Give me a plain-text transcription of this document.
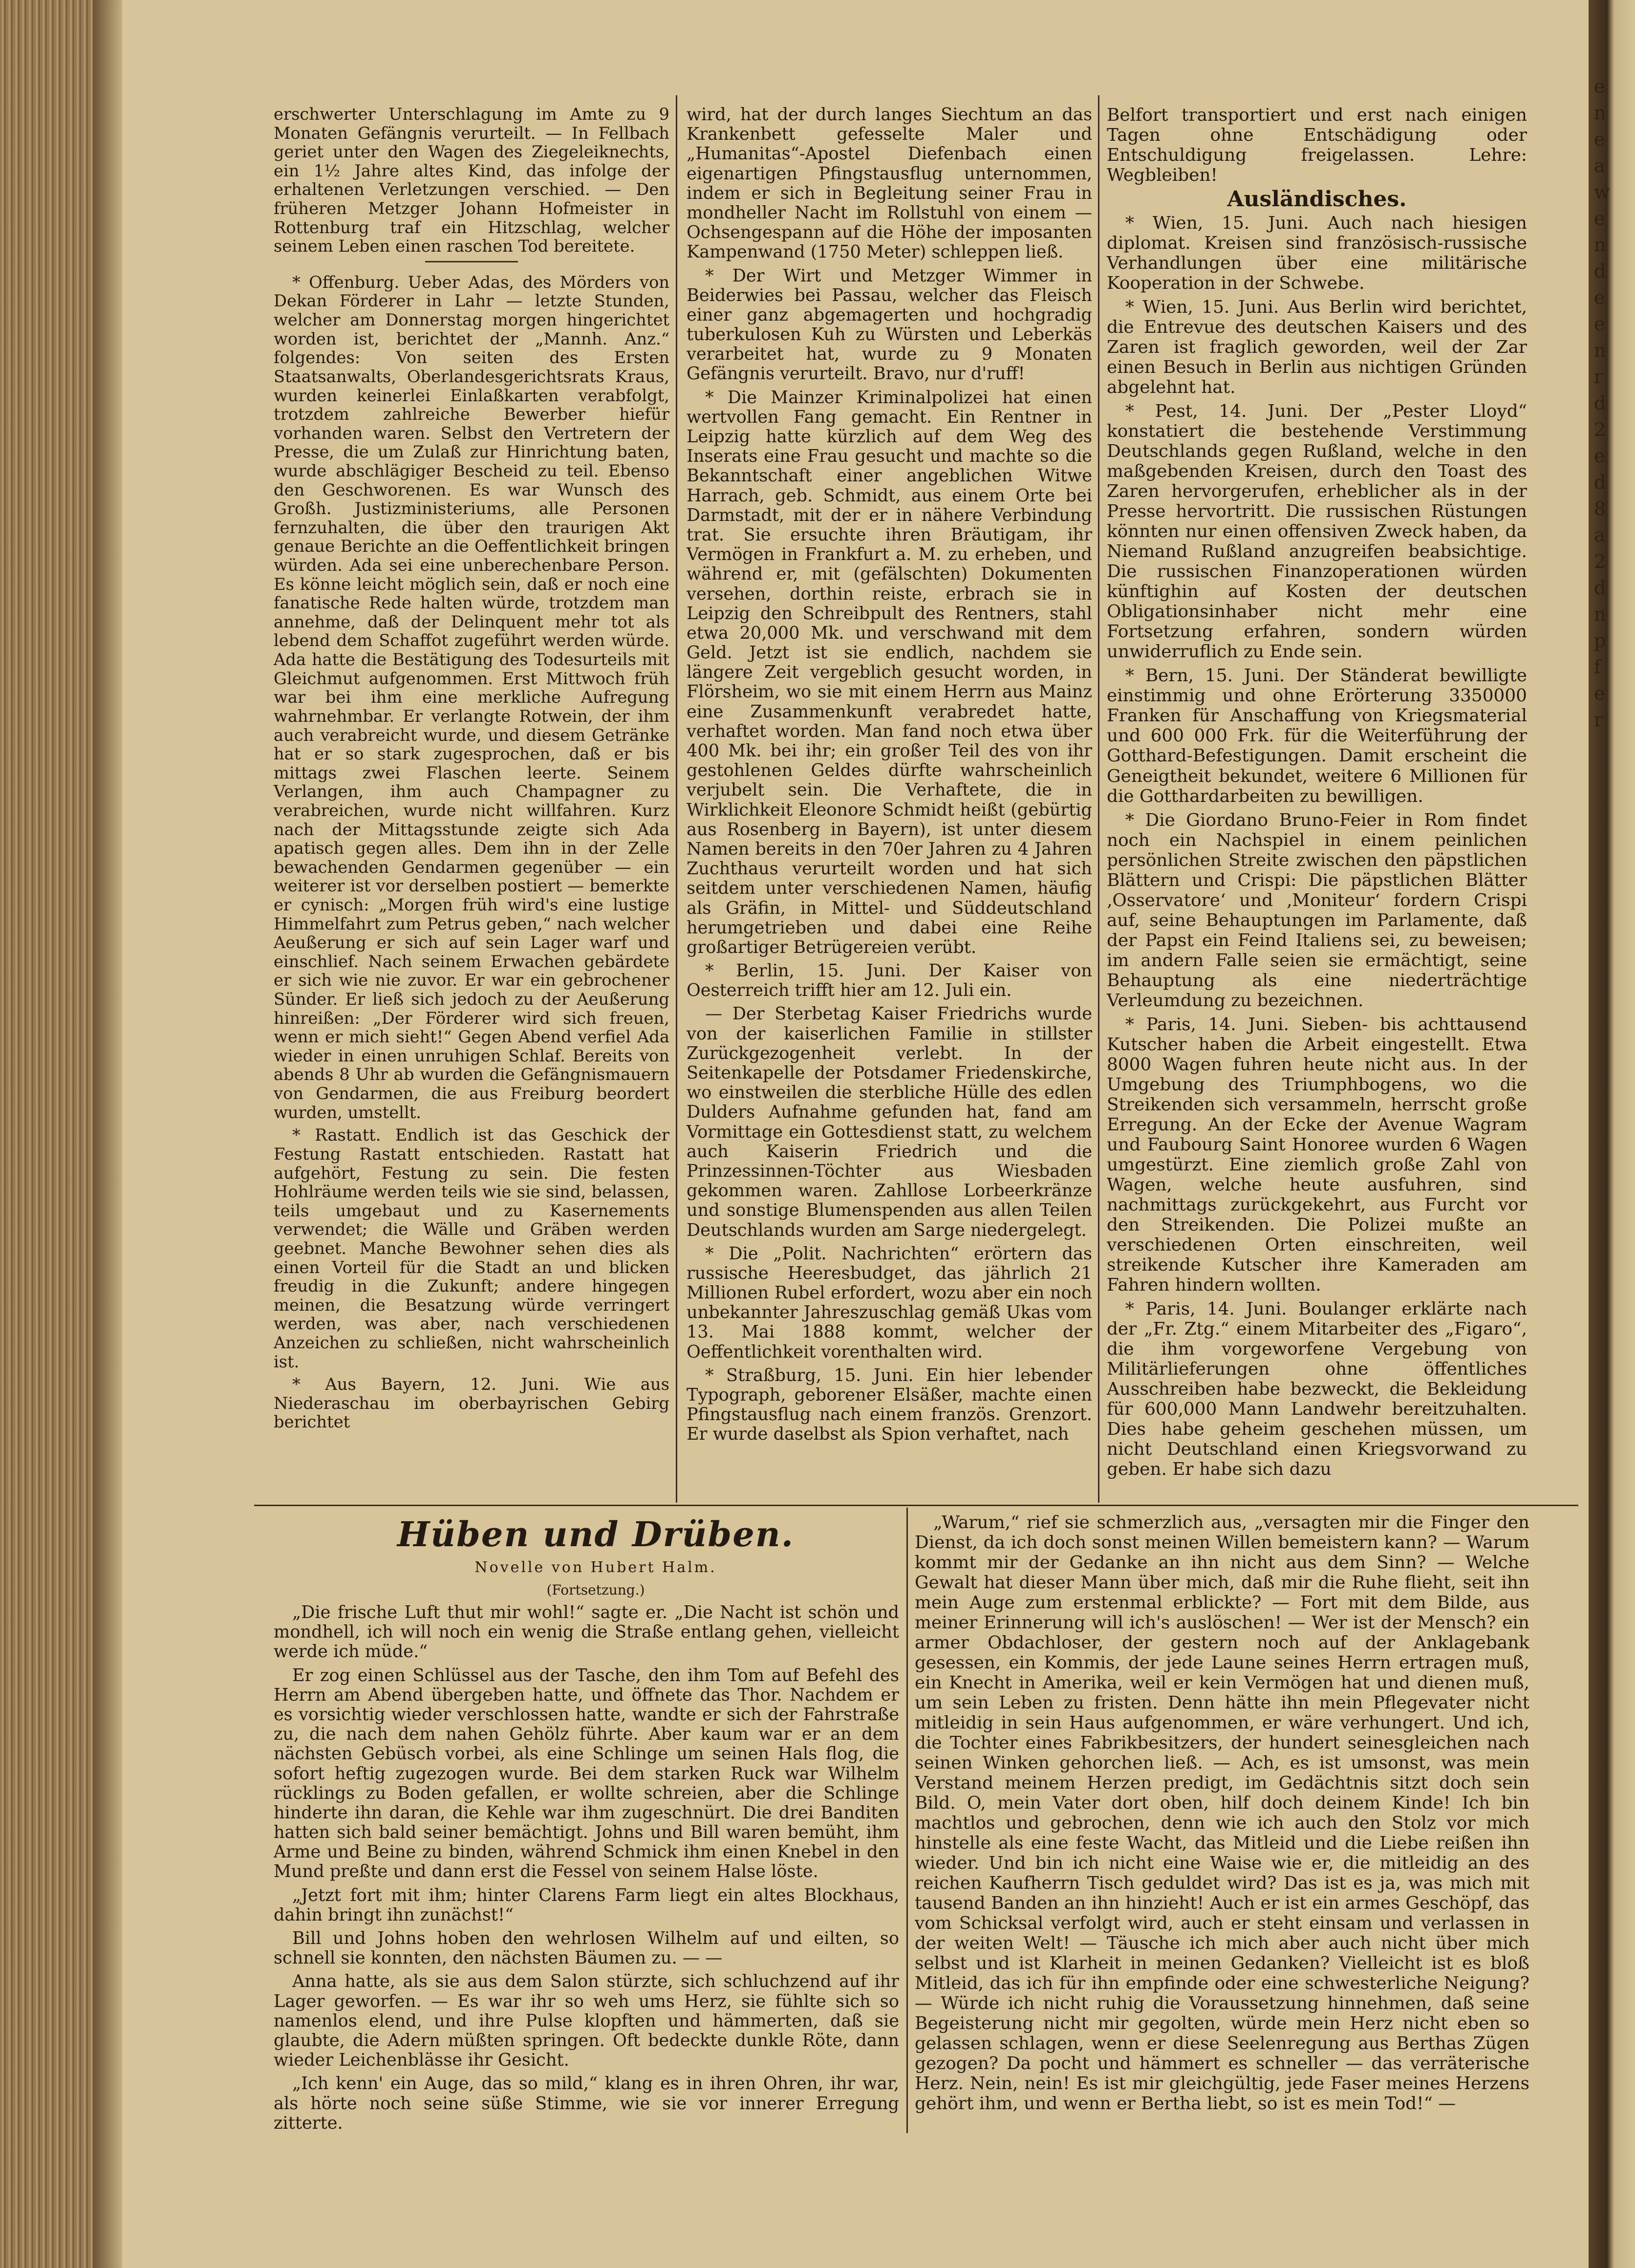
erschwerter Unterschlagung im Amte zu 9 Monaten Gefängnis verurteilt. — In Fellbach geriet unter den Wagen des Ziegeleiknechts, ein 1½ Jahre altes Kind, das infolge der erhaltenen Verletzungen verschied. — Den früheren Metzger Johann Hofmeister in Rottenburg traf ein Hitzschlag, welcher seinem Leben einen raschen Tod bereitete.

* Offenburg. Ueber Adas, des Mörders von Dekan Förderer in Lahr — letzte Stunden, welcher am Donnerstag morgen hingerichtet worden ist, berichtet der „Mannh. Anz.“ folgendes: Von seiten des Ersten Staatsanwalts, Oberlandesgerichtsrats Kraus, wurden keinerlei Einlaßkarten verabfolgt, trotzdem zahlreiche Bewerber hiefür vorhanden waren. Selbst den Vertretern der Presse, die um Zulaß zur Hinrichtung baten, wurde abschlägiger Bescheid zu teil. Ebenso den Geschworenen. Es war Wunsch des Großh. Justizministeriums, alle Personen fernzuhalten, die über den traurigen Akt genaue Berichte an die Oeffentlichkeit bringen würden. Ada sei eine unberechenbare Person. Es könne leicht möglich sein, daß er noch eine fanatische Rede halten würde, trotzdem man annehme, daß der Delinquent mehr tot als lebend dem Schaffot zugeführt werden würde. Ada hatte die Bestätigung des Todesurteils mit Gleichmut aufgenommen. Erst Mittwoch früh war bei ihm eine merkliche Aufregung wahrnehmbar. Er verlangte Rotwein, der ihm auch verabreicht wurde, und diesem Getränke hat er so stark zugesprochen, daß er bis mittags zwei Flaschen leerte. Seinem Verlangen, ihm auch Champagner zu verabreichen, wurde nicht willfahren. Kurz nach der Mittagsstunde zeigte sich Ada apatisch gegen alles. Dem ihn in der Zelle bewachenden Gendarmen gegenüber — ein weiterer ist vor derselben postiert — bemerkte er cynisch: „Morgen früh wird's eine lustige Himmelfahrt zum Petrus geben,“ nach welcher Aeußerung er sich auf sein Lager warf und einschlief. Nach seinem Erwachen gebärdete er sich wie nie zuvor. Er war ein gebrochener Sünder. Er ließ sich jedoch zu der Aeußerung hinreißen: „Der Förderer wird sich freuen, wenn er mich sieht!“ Gegen Abend verfiel Ada wieder in einen unruhigen Schlaf. Bereits von abends 8 Uhr ab wurden die Gefängnismauern von Gendarmen, die aus Freiburg beordert wurden, umstellt.

* Rastatt. Endlich ist das Geschick der Festung Rastatt entschieden. Rastatt hat aufgehört, Festung zu sein. Die festen Hohlräume werden teils wie sie sind, belassen, teils umgebaut und zu Kasernements verwendet; die Wälle und Gräben werden geebnet. Manche Bewohner sehen dies als einen Vorteil für die Stadt an und blicken freudig in die Zukunft; andere hingegen meinen, die Besatzung würde verringert werden, was aber, nach verschiedenen Anzeichen zu schließen, nicht wahrscheinlich ist.

* Aus Bayern, 12. Juni. Wie aus Niederaschau im oberbayrischen Gebirg berichtet

wird, hat der durch langes Siechtum an das Krankenbett gefesselte Maler und „Humanitas“-Apostel Diefenbach einen eigenartigen Pfingstausflug unternommen, indem er sich in Begleitung seiner Frau in mondheller Nacht im Rollstuhl von einem — Ochsengespann auf die Höhe der imposanten Kampenwand (1750 Meter) schleppen ließ.

* Der Wirt und Metzger Wimmer in Beiderwies bei Passau, welcher das Fleisch einer ganz abgemagerten und hochgradig tuberkulosen Kuh zu Würsten und Leberkäs verarbeitet hat, wurde zu 9 Monaten Gefängnis verurteilt. Bravo, nur d'ruff!

* Die Mainzer Kriminalpolizei hat einen wertvollen Fang gemacht. Ein Rentner in Leipzig hatte kürzlich auf dem Weg des Inserats eine Frau gesucht und machte so die Bekanntschaft einer angeblichen Witwe Harrach, geb. Schmidt, aus einem Orte bei Darmstadt, mit der er in nähere Verbindung trat. Sie ersuchte ihren Bräutigam, ihr Vermögen in Frankfurt a. M. zu erheben, und während er, mit (gefälschten) Dokumenten versehen, dorthin reiste, erbrach sie in Leipzig den Schreibpult des Rentners, stahl etwa 20,000 Mk. und verschwand mit dem Geld. Jetzt ist sie endlich, nachdem sie längere Zeit vergeblich gesucht worden, in Flörsheim, wo sie mit einem Herrn aus Mainz eine Zusammenkunft verabredet hatte, verhaftet worden. Man fand noch etwa über 400 Mk. bei ihr; ein großer Teil des von ihr gestohlenen Geldes dürfte wahrscheinlich verjubelt sein. Die Verhaftete, die in Wirklichkeit Eleonore Schmidt heißt (gebürtig aus Rosenberg in Bayern), ist unter diesem Namen bereits in den 70er Jahren zu 4 Jahren Zuchthaus verurteilt worden und hat sich seitdem unter verschiedenen Namen, häufig als Gräfin, in Mittel- und Süddeutschland herumgetrieben und dabei eine Reihe großartiger Betrügereien verübt.

* Berlin, 15. Juni. Der Kaiser von Oesterreich trifft hier am 12. Juli ein.

— Der Sterbetag Kaiser Friedrichs wurde von der kaiserlichen Familie in stillster Zurückgezogenheit verlebt. In der Seitenkapelle der Potsdamer Friedenskirche, wo einstweilen die sterbliche Hülle des edlen Dulders Aufnahme gefunden hat, fand am Vormittage ein Gottesdienst statt, zu welchem auch Kaiserin Friedrich und die Prinzessinnen-Töchter aus Wiesbaden gekommen waren. Zahllose Lorbeerkränze und sonstige Blumenspenden aus allen Teilen Deutschlands wurden am Sarge niedergelegt.

* Die „Polit. Nachrichten“ erörtern das russische Heeresbudget, das jährlich 21 Millionen Rubel erfordert, wozu aber ein noch unbekannter Jahreszuschlag gemäß Ukas vom 13. Mai 1888 kommt, welcher der Oeffentlichkeit vorenthalten wird.

* Straßburg, 15. Juni. Ein hier lebender Typograph, geborener Elsäßer, machte einen Pfingstausflug nach einem französ. Grenzort. Er wurde daselbst als Spion verhaftet, nach

Belfort transportiert und erst nach einigen Tagen ohne Entschädigung oder Entschuldigung freigelassen. Lehre: Wegbleiben!

Ausländisches.

* Wien, 15. Juni. Auch nach hiesigen diplomat. Kreisen sind französisch-russische Verhandlungen über eine militärische Kooperation in der Schwebe.

* Wien, 15. Juni. Aus Berlin wird berichtet, die Entrevue des deutschen Kaisers und des Zaren ist fraglich geworden, weil der Zar einen Besuch in Berlin aus nichtigen Gründen abgelehnt hat.

* Pest, 14. Juni. Der „Pester Lloyd“ konstatiert die bestehende Verstimmung Deutschlands gegen Rußland, welche in den maßgebenden Kreisen, durch den Toast des Zaren hervorgerufen, erheblicher als in der Presse hervortritt. Die russischen Rüstungen könnten nur einen offensiven Zweck haben, da Niemand Rußland anzugreifen beabsichtige. Die russischen Finanzoperationen würden künftighin auf Kosten der deutschen Obligationsinhaber nicht mehr eine Fortsetzung erfahren, sondern würden unwiderruflich zu Ende sein.

* Bern, 15. Juni. Der Ständerat bewilligte einstimmig und ohne Erörterung 3350000 Franken für Anschaffung von Kriegsmaterial und 600 000 Frk. für die Weiterführung der Gotthard-Befestigungen. Damit erscheint die Geneigtheit bekundet, weitere 6 Millionen für die Gotthardarbeiten zu bewilligen.

* Die Giordano Bruno-Feier in Rom findet noch ein Nachspiel in einem peinlichen persönlichen Streite zwischen den päpstlichen Blättern und Crispi: Die päpstlichen Blätter ‚Osservatore‘ und ‚Moniteur‘ fordern Crispi auf, seine Behauptungen im Parlamente, daß der Papst ein Feind Italiens sei, zu beweisen; im andern Falle seien sie ermächtigt, seine Behauptung als eine niederträchtige Verleumdung zu bezeichnen.

* Paris, 14. Juni. Sieben- bis achttausend Kutscher haben die Arbeit eingestellt. Etwa 8000 Wagen fuhren heute nicht aus. In der Umgebung des Triumphbogens, wo die Streikenden sich versammeln, herrscht große Erregung. An der Ecke der Avenue Wagram und Faubourg Saint Honoree wurden 6 Wagen umgestürzt. Eine ziemlich große Zahl von Wagen, welche heute ausfuhren, sind nachmittags zurückgekehrt, aus Furcht vor den Streikenden. Die Polizei mußte an verschiedenen Orten einschreiten, weil streikende Kutscher ihre Kameraden am Fahren hindern wollten.

* Paris, 14. Juni. Boulanger erklärte nach der „Fr. Ztg.“ einem Mitarbeiter des „Figaro“, die ihm vorgeworfene Vergebung von Militärlieferungen ohne öffentliches Ausschreiben habe bezweckt, die Bekleidung für 600,000 Mann Landwehr bereitzuhalten. Dies habe geheim geschehen müssen, um nicht Deutschland einen Kriegsvorwand zu geben. Er habe sich dazu

Hüben und Drüben.

Novelle von Hubert Halm.

(Fortsetzung.)

„Die frische Luft thut mir wohl!“ sagte er. „Die Nacht ist schön und mondhell, ich will noch ein wenig die Straße entlang gehen, vielleicht werde ich müde.“

Er zog einen Schlüssel aus der Tasche, den ihm Tom auf Befehl des Herrn am Abend übergeben hatte, und öffnete das Thor. Nachdem er es vorsichtig wieder verschlossen hatte, wandte er sich der Fahrstraße zu, die nach dem nahen Gehölz führte. Aber kaum war er an dem nächsten Gebüsch vorbei, als eine Schlinge um seinen Hals flog, die sofort heftig zugezogen wurde. Bei dem starken Ruck war Wilhelm rücklings zu Boden gefallen, er wollte schreien, aber die Schlinge hinderte ihn daran, die Kehle war ihm zugeschnürt. Die drei Banditen hatten sich bald seiner bemächtigt. Johns und Bill waren bemüht, ihm Arme und Beine zu binden, während Schmick ihm einen Knebel in den Mund preßte und dann erst die Fessel von seinem Halse löste.

„Jetzt fort mit ihm; hinter Clarens Farm liegt ein altes Blockhaus, dahin bringt ihn zunächst!“

Bill und Johns hoben den wehrlosen Wilhelm auf und eilten, so schnell sie konnten, den nächsten Bäumen zu. — —

Anna hatte, als sie aus dem Salon stürzte, sich schluchzend auf ihr Lager geworfen. — Es war ihr so weh ums Herz, sie fühlte sich so namenlos elend, und ihre Pulse klopften und hämmerten, daß sie glaubte, die Adern müßten springen. Oft bedeckte dunkle Röte, dann wieder Leichenblässe ihr Gesicht.

„Ich kenn' ein Auge, das so mild,“ klang es in ihren Ohren, ihr war, als hörte noch seine süße Stimme, wie sie vor innerer Erregung zitterte.

„Warum,“ rief sie schmerzlich aus, „versagten mir die Finger den Dienst, da ich doch sonst meinen Willen bemeistern kann? — Warum kommt mir der Gedanke an ihn nicht aus dem Sinn? — Welche Gewalt hat dieser Mann über mich, daß mir die Ruhe flieht, seit ihn mein Auge zum erstenmal erblickte? — Fort mit dem Bilde, aus meiner Erinnerung will ich's auslöschen! — Wer ist der Mensch? ein armer Obdachloser, der gestern noch auf der Anklagebank gesessen, ein Kommis, der jede Laune seines Herrn ertragen muß, ein Knecht in Amerika, weil er kein Vermögen hat und dienen muß, um sein Leben zu fristen. Denn hätte ihn mein Pflegevater nicht mitleidig in sein Haus aufgenommen, er wäre verhungert. Und ich, die Tochter eines Fabrikbesitzers, der hundert seinesgleichen nach seinen Winken gehorchen ließ. — Ach, es ist umsonst, was mein Verstand meinem Herzen predigt, im Gedächtnis sitzt doch sein Bild. O, mein Vater dort oben, hilf doch deinem Kinde! Ich bin machtlos und gebrochen, denn wie ich auch den Stolz vor mich hinstelle als eine feste Wacht, das Mitleid und die Liebe reißen ihn wieder. Und bin ich nicht eine Waise wie er, die mitleidig an des reichen Kaufherrn Tisch geduldet wird? Das ist es ja, was mich mit tausend Banden an ihn hinzieht! Auch er ist ein armes Geschöpf, das vom Schicksal verfolgt wird, auch er steht einsam und verlassen in der weiten Welt! — Täusche ich mich aber auch nicht über mich selbst und ist Klarheit in meinen Gedanken? Vielleicht ist es bloß Mitleid, das ich für ihn empfinde oder eine schwesterliche Neigung? — Würde ich nicht ruhig die Voraussetzung hinnehmen, daß seine Begeisterung nicht mir gegolten, würde mein Herz nicht eben so gelassen schlagen, wenn er diese Seelenregung aus Berthas Zügen gezogen? Da pocht und hämmert es schneller — das verräterische Herz. Nein, nein! Es ist mir gleichgültig, jede Faser meines Herzens gehört ihm, und wenn er Bertha liebt, so ist es mein Tod!“ —

e n e a w e n d e e n r d 2 e d 8 a 2 d n p f e r
